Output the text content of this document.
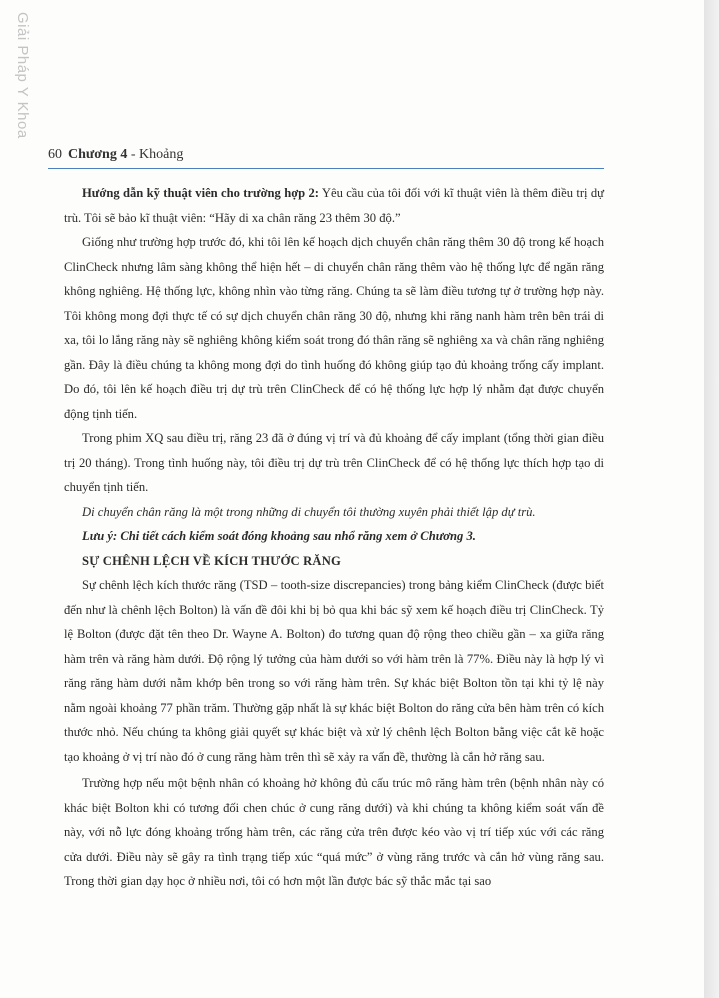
Giải Pháp Y Khoa
60 Chương 4 - Khoảng

Hướng dẫn kỹ thuật viên cho trường hợp 2: Yêu cầu của tôi đối với kĩ thuật viên là thêm điều trị dự trù. Tôi sẽ bảo kĩ thuật viên: “Hãy di xa chân răng 23 thêm 30 độ.”

Giống như trường hợp trước đó, khi tôi lên kế hoạch dịch chuyển chân răng thêm 30 độ trong kế hoạch ClinCheck nhưng lâm sàng không thể hiện hết – di chuyển chân răng thêm vào hệ thống lực để ngăn răng không nghiêng. Hệ thống lực, không nhìn vào từng răng. Chúng ta sẽ làm điều tương tự ở trường hợp này. Tôi không mong đợi thực tế có sự dịch chuyển chân răng 30 độ, nhưng khi răng nanh hàm trên bên trái di xa, tôi lo lắng răng này sẽ nghiêng không kiểm soát trong đó thân răng sẽ nghiêng xa và chân răng nghiêng gần. Đây là điều chúng ta không mong đợi do tình huống đó không giúp tạo đủ khoảng trống cấy implant. Do đó, tôi lên kế hoạch điều trị dự trù trên ClinCheck để có hệ thống lực hợp lý nhằm đạt được chuyển động tịnh tiến.

Trong phim XQ sau điều trị, răng 23 đã ở đúng vị trí và đủ khoảng để cấy implant (tổng thời gian điều trị 20 tháng). Trong tình huống này, tôi điều trị dự trù trên ClinCheck để có hệ thống lực thích hợp tạo di chuyển tịnh tiến.

Di chuyển chân răng là một trong những di chuyển tôi thường xuyên phải thiết lập dự trù.

Lưu ý: Chi tiết cách kiểm soát đóng khoảng sau nhổ răng xem ở Chương 3.

SỰ CHÊNH LỆCH VỀ KÍCH THƯỚC RĂNG

Sự chênh lệch kích thước răng (TSD – tooth-size discrepancies) trong bảng kiểm ClinCheck (được biết đến như là chênh lệch Bolton) là vấn đề đôi khi bị bỏ qua khi bác sỹ xem kế hoạch điều trị ClinCheck. Tỷ lệ Bolton (được đặt tên theo Dr. Wayne A. Bolton) đo tương quan độ rộng theo chiều gần – xa giữa răng hàm trên và răng hàm dưới. Độ rộng lý tưởng của hàm dưới so với hàm trên là 77%. Điều này là hợp lý vì răng răng hàm dưới nằm khớp bên trong so với răng hàm trên. Sự khác biệt Bolton tồn tại khi tỷ lệ này nằm ngoài khoảng 77 phần trăm. Thường gặp nhất là sự khác biệt Bolton do răng cửa bên hàm trên có kích thước nhỏ. Nếu chúng ta không giải quyết sự khác biệt và xử lý chênh lệch Bolton bằng việc cắt kẽ hoặc tạo khoảng ở vị trí nào đó ở cung răng hàm trên thì sẽ xảy ra vấn đề, thường là cắn hở răng sau.

Trường hợp nếu một bệnh nhân có khoảng hở không đủ cấu trúc mô răng hàm trên (bệnh nhân này có khác biệt Bolton khi có tương đối chen chúc ở cung răng dưới) và khi chúng ta không kiểm soát vấn đề này, với nỗ lực đóng khoảng trống hàm trên, các răng cửa trên được kéo vào vị trí tiếp xúc với các răng cửa dưới. Điều này sẽ gây ra tình trạng tiếp xúc “quá mức” ở vùng răng trước và cắn hở vùng răng sau. Trong thời gian dạy học ở nhiều nơi, tôi có hơn một lần được bác sỹ thắc mắc tại sao
